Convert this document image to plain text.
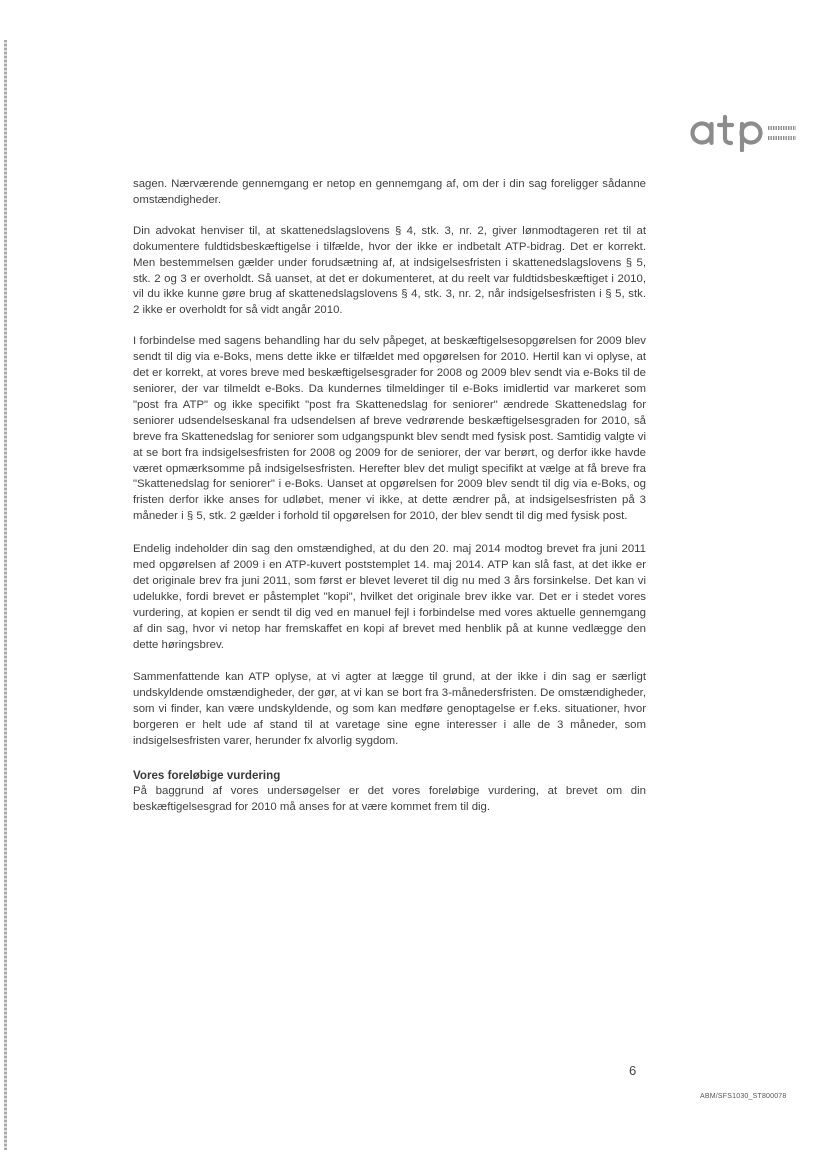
sagen. Nærværende gennemgang er netop en gennemgang af, om der i din sag foreligger sådanne omstændigheder.

Din advokat henviser til, at skattenedslagslovens § 4, stk. 3, nr. 2, giver lønmodtageren ret til at dokumentere fuldtidsbeskæftigelse i tilfælde, hvor der ikke er indbetalt ATP-bidrag. Det er korrekt. Men bestemmelsen gælder under forudsætning af, at indsigelsesfristen i skattenedslagslovens § 5, stk. 2 og 3 er overholdt. Så uanset, at det er dokumenteret, at du reelt var fuldtidsbeskæftiget i 2010, vil du ikke kunne gøre brug af skattenedslagslovens § 4, stk. 3, nr. 2, når indsigelsesfristen i § 5, stk. 2 ikke er overholdt for så vidt angår 2010.

I forbindelse med sagens behandling har du selv påpeget, at beskæftigelsesopgørelsen for 2009 blev sendt til dig via e-Boks, mens dette ikke er tilfældet med opgørelsen for 2010. Hertil kan vi oplyse, at det er korrekt, at vores breve med beskæftigelsesgrader for 2008 og 2009 blev sendt via e-Boks til de seniorer, der var tilmeldt e-Boks. Da kundernes tilmeldinger til e-Boks imidlertid var markeret som "post fra ATP" og ikke specifikt "post fra Skattenedslag for seniorer" ændrede Skattenedslag for seniorer udsendelseskanal fra udsendelsen af breve vedrørende beskæftigelsesgraden for 2010, så breve fra Skattenedslag for seniorer som udgangspunkt blev sendt med fysisk post. Samtidig valgte vi at se bort fra indsigelsesfristen for 2008 og 2009 for de seniorer, der var berørt, og derfor ikke havde været opmærksomme på indsigelsesfristen. Herefter blev det muligt specifikt at vælge at få breve fra "Skattenedslag for seniorer" i e-Boks. Uanset at opgørelsen for 2009 blev sendt til dig via e-Boks, og fristen derfor ikke anses for udløbet, mener vi ikke, at dette ændrer på, at indsigelsesfristen på 3 måneder i § 5, stk. 2 gælder i forhold til opgørelsen for 2010, der blev sendt til dig med fysisk post.

Endelig indeholder din sag den omstændighed, at du den 20. maj 2014 modtog brevet fra juni 2011 med opgørelsen af 2009 i en ATP-kuvert poststemplet 14. maj 2014. ATP kan slå fast, at det ikke er det originale brev fra juni 2011, som først er blevet leveret til dig nu med 3 års forsinkelse. Det kan vi udelukke, fordi brevet er påstemplet "kopi", hvilket det originale brev ikke var. Det er i stedet vores vurdering, at kopien er sendt til dig ved en manuel fejl i forbindelse med vores aktuelle gennemgang af din sag, hvor vi netop har fremskaffet en kopi af brevet med henblik på at kunne vedlægge den dette høringsbrev.

Sammenfattende kan ATP oplyse, at vi agter at lægge til grund, at der ikke i din sag er særligt undskyldende omstændigheder, der gør, at vi kan se bort fra 3-månedersfristen. De omstændigheder, som vi finder, kan være undskyldende, og som kan medføre genoptagelse er f.eks. situationer, hvor borgeren er helt ude af stand til at varetage sine egne interesser i alle de 3 måneder, som indsigelsesfristen varer, herunder fx alvorlig sygdom.

Vores foreløbige vurdering

På baggrund af vores undersøgelser er det vores foreløbige vurdering, at brevet om din beskæftigelsesgrad for 2010 må anses for at være kommet frem til dig.

6
ABM/SFS1030_ST800078
